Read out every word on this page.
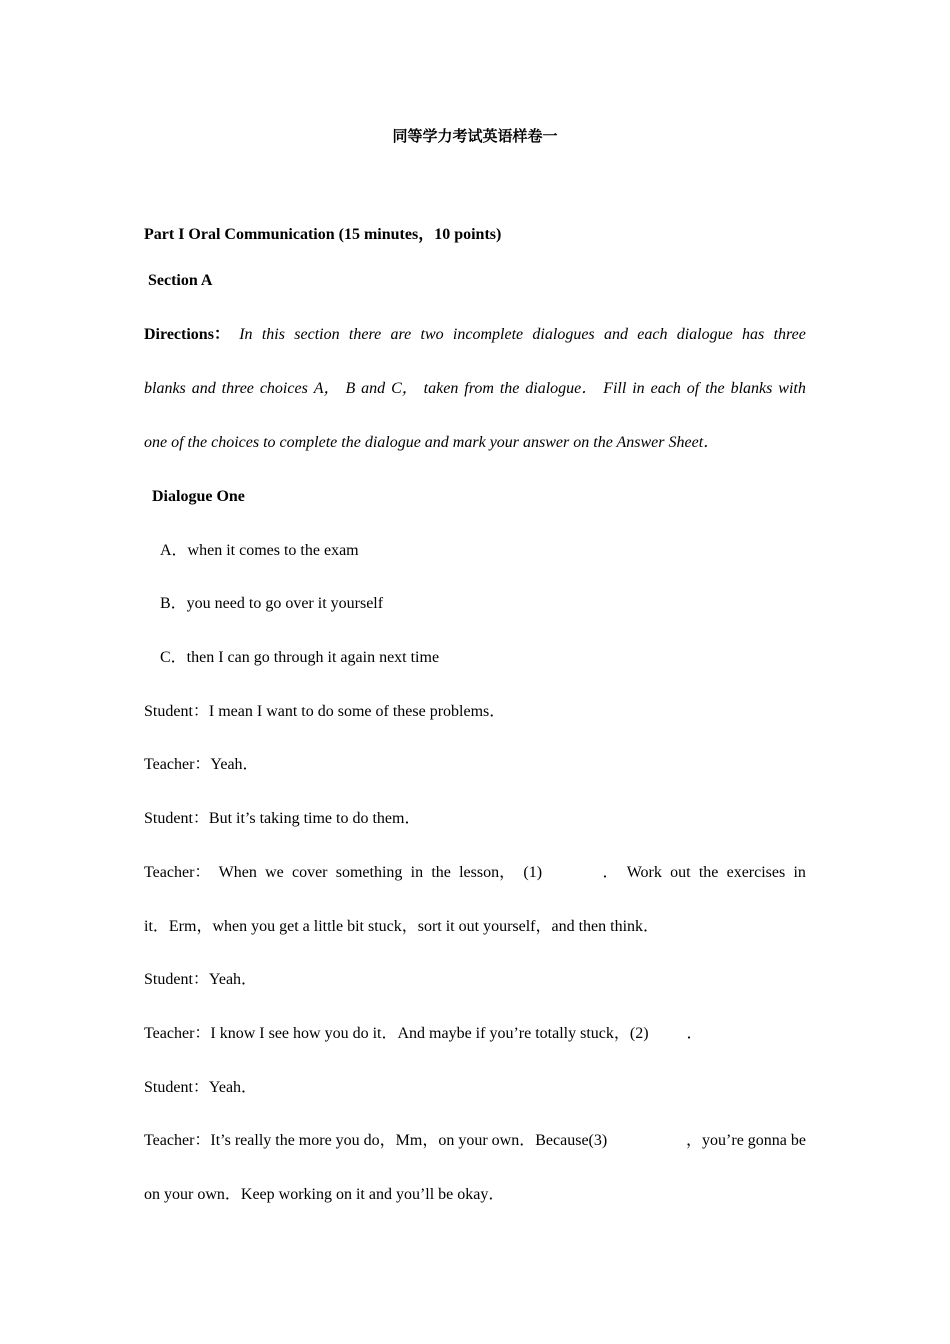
同等学力考试英语样卷一
Part I Oral Communication (15 minutes，10 points)
Section A
Directions： In this section there are two incomplete dialogues and each dialogue has three
blanks and three choices A， B and C， taken from the dialogue． Fill in each of the blanks with
one of the choices to complete the dialogue and mark your answer on the Answer Sheet．
Dialogue One
A．when it comes to the exam
B．you need to go over it yourself
C．then I can go through it again next time
Student：I mean I want to do some of these problems．
Teacher：Yeah．
Student：But it’s taking time to do them．
Teacher： When we cover something in the lesson， (1)	． Work out the exercises in
it．Erm，when you get a little bit stuck，sort it out yourself，and then think．
Student：Yeah．
Teacher：I know I see how you do it．And maybe if you’re totally stuck，(2) ．
Student：Yeah．
Teacher：It’s really the more you do，Mm，on your own．Because(3)	，you’re gonna be
on your own．Keep working on it and you’ll be okay．
